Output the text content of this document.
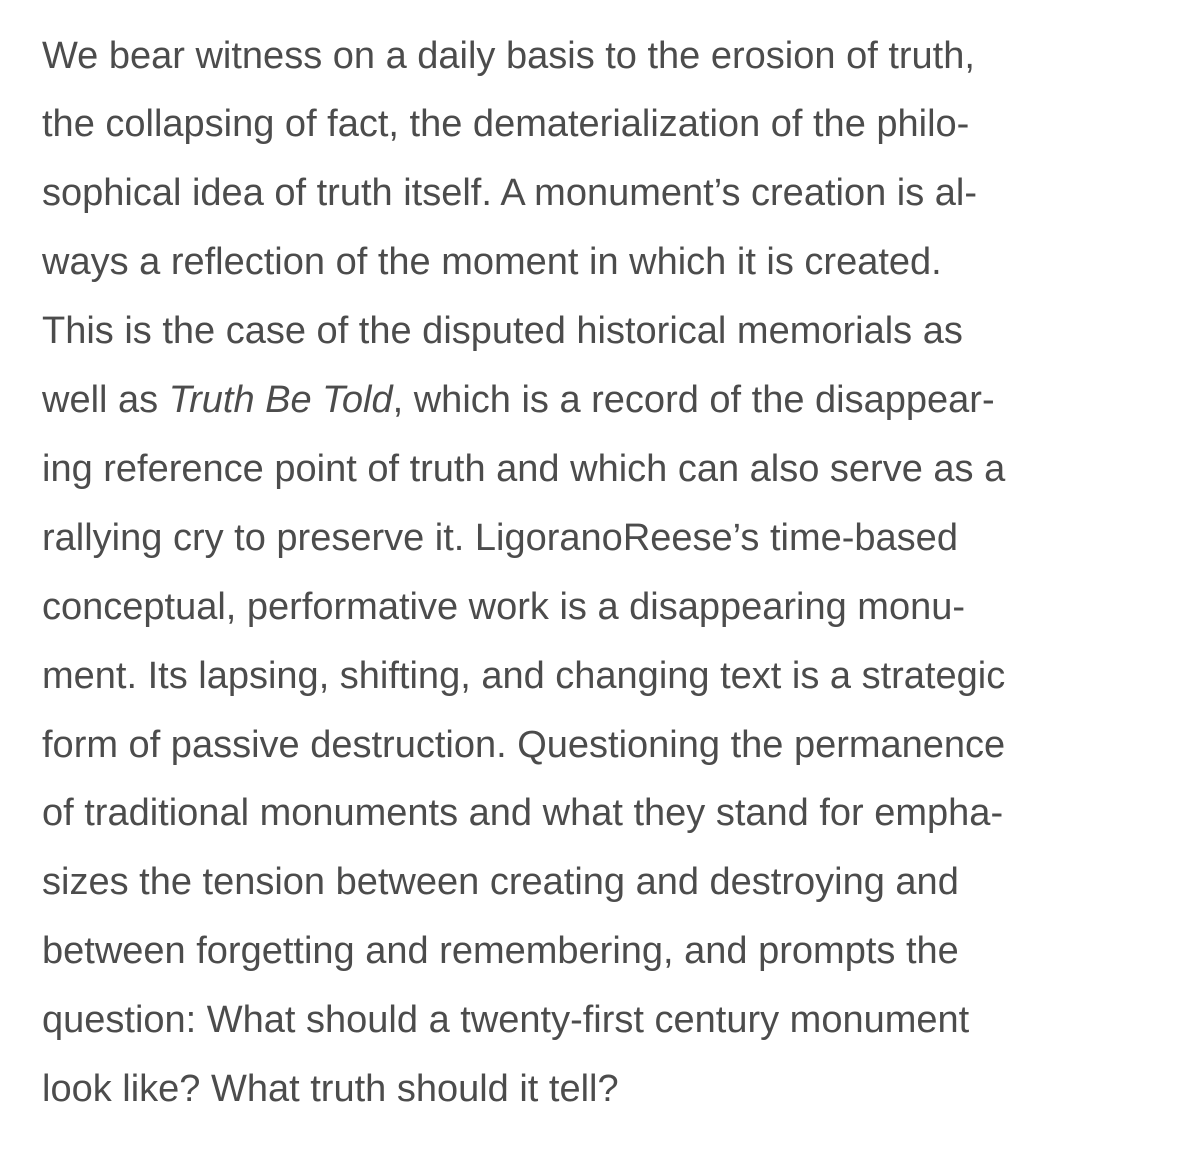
We bear witness on a daily basis to the erosion of truth,
the collapsing of fact, the dematerialization of the philo-
sophical idea of truth itself. A monument’s creation is al-
ways a reflection of the moment in which it is created.
This is the case of the disputed historical memorials as
well as Truth Be Told, which is a record of the disappear-
ing reference point of truth and which can also serve as a
rallying cry to preserve it. LigoranoReese’s time-based
conceptual, performative work is a disappearing monu-
ment. Its lapsing, shifting, and changing text is a strategic
form of passive destruction. Questioning the permanence
of traditional monuments and what they stand for empha-
sizes the tension between creating and destroying and
between forgetting and remembering, and prompts the
question: What should a twenty-first century monument
look like? What truth should it tell?
